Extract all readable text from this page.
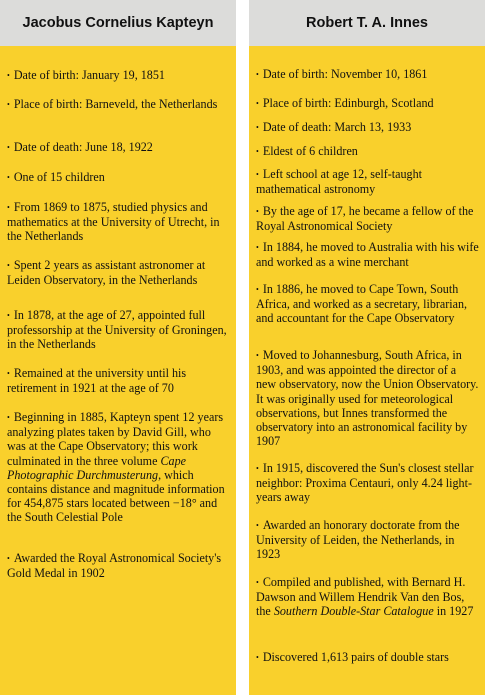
Jacobus Cornelius Kapteyn
• Date of birth: January 19, 1851
• Place of birth: Barneveld, the Netherlands
• Date of death: June 18, 1922
• One of 15 children
• From 1869 to 1875, studied physics and mathematics at the University of Utrecht, in the Netherlands
• Spent 2 years as assistant astronomer at Leiden Observatory, in the Netherlands
• In 1878, at the age of 27, appointed full professorship at the University of Groningen, in the Netherlands
• Remained at the university until his retirement in 1921 at the age of 70
• Beginning in 1885, Kapteyn spent 12 years analyzing plates taken by David Gill, who was at the Cape Observatory; this work culminated in the three volume Cape Photographic Durchmusterung, which contains distance and magnitude information for 454,875 stars located between −18° and the South Celestial Pole
• Awarded the Royal Astronomical Society's Gold Medal in 1902
Robert T. A. Innes
• Date of birth: November 10, 1861
• Place of birth: Edinburgh, Scotland
• Date of death: March 13, 1933
• Eldest of 6 children
• Left school at age 12, self-taught mathematical astronomy
• By the age of 17, he became a fellow of the Royal Astronomical Society
• In 1884, he moved to Australia with his wife and worked as a wine merchant
• In 1886, he moved to Cape Town, South Africa, and worked as a secretary, librarian, and accountant for the Cape Observatory
• Moved to Johannesburg, South Africa, in 1903, and was appointed the director of a new observatory, now the Union Observatory. It was originally used for meteorological observations, but Innes transformed the observatory into an astronomical facility by 1907
• In 1915, discovered the Sun's closest stellar neighbor: Proxima Centauri, only 4.24 light-years away
• Awarded an honorary doctorate from the University of Leiden, the Netherlands, in 1923
• Compiled and published, with Bernard H. Dawson and Willem Hendrik Van den Bos, the Southern Double-Star Catalogue in 1927
• Discovered 1,613 pairs of double stars
